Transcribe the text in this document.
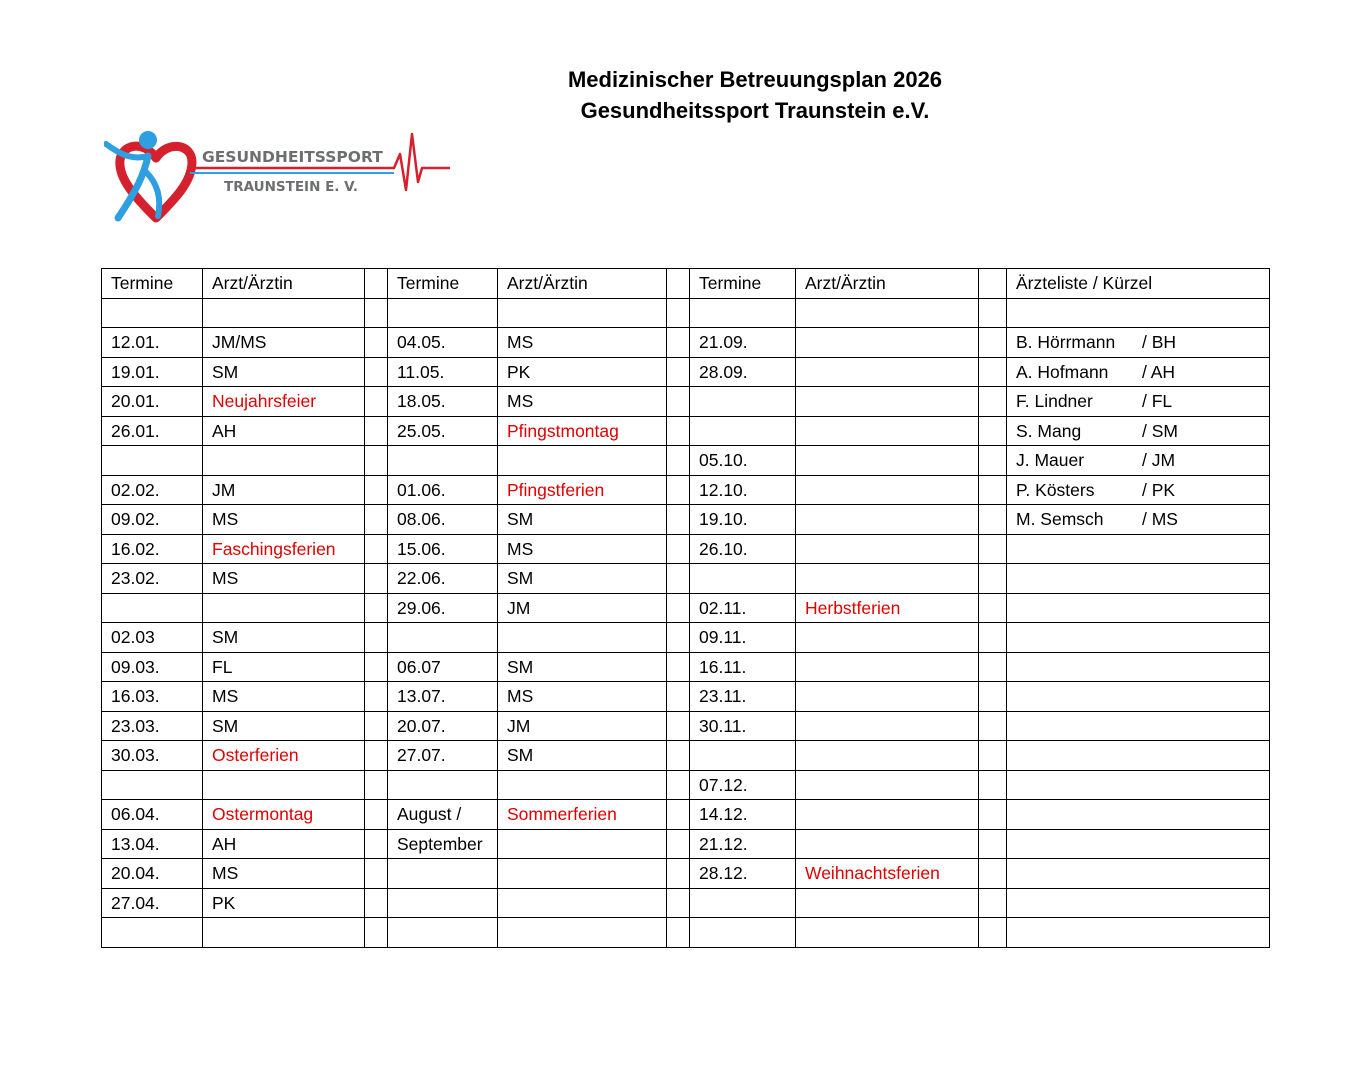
Medizinischer Betreuungsplan 2026
Gesundheitssport Traunstein e.V.
GESUNDHEITSSPORT
TRAUNSTEIN E. V.
Termine	Arzt/Ärztin		Termine	Arzt/Ärztin		Termine	Arzt/Ärztin		Ärzteliste / Kürzel

12.01.	JM/MS		04.05.	MS		21.09.			B. Hörrmann / BH

19.01.	SM		11.05.	PK		28.09.			A. Hofmann / AH

20.01.	Neujahrsfeier		18.05.	MS					F. Lindner / FL

26.01.	AH		25.05.	Pfingstmontag					S. Mang / SM

						05.10.			J. Mauer / JM

02.02.	JM		01.06.	Pfingstferien		12.10.			P. Kösters / PK

09.02.	MS		08.06.	SM		19.10.			M. Semsch / MS

16.02.	Faschingsferien		15.06.	MS		26.10.			

23.02.	MS		22.06.	SM					

			29.06.	JM		02.11.	Herbstferien		

02.03	SM					09.11.			

09.03.	FL		06.07	SM		16.11.			

16.03.	MS		13.07.	MS		23.11.			

23.03.	SM		20.07.	JM		30.11.			

30.03.	Osterferien		27.07.	SM					

						07.12.			

06.04.	Ostermontag		August /	Sommerferien		14.12.			

13.04.	AH		September			21.12.			

20.04.	MS					28.12.	Weihnachtsferien		

27.04.	PK								
